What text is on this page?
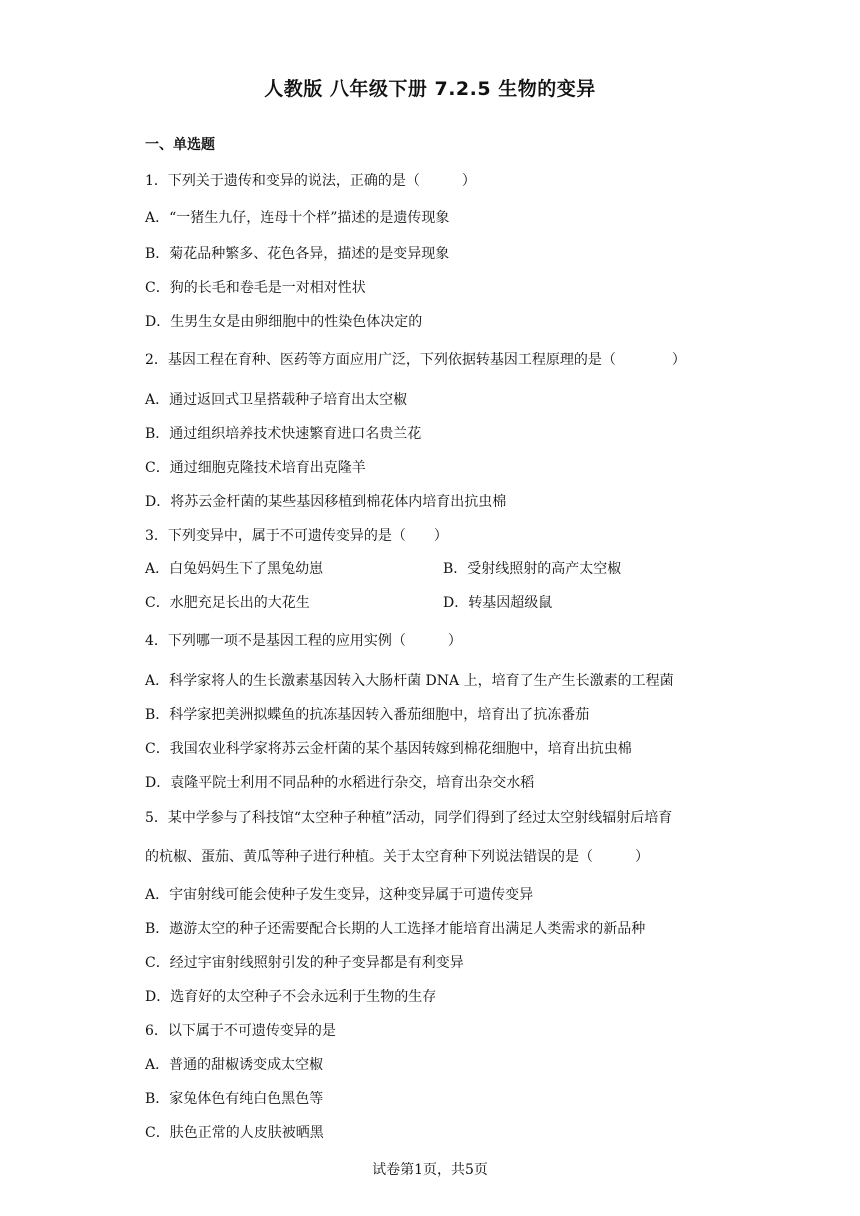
人教版 八年级下册 7.2.5 生物的变异
一、单选题
1．下列关于遗传和变异的说法，正确的是（　　　）
A．“一猪生九仔，连母十个样”描述的是遗传现象
B．菊花品种繁多、花色各异，描述的是变异现象
C．狗的长毛和卷毛是一对相对性状
D．生男生女是由卵细胞中的性染色体决定的
2．基因工程在育种、医药等方面应用广泛，下列依据转基因工程原理的是（　　　　）
A．通过返回式卫星搭载种子培育出太空椒
B．通过组织培养技术快速繁育进口名贵兰花
C．通过细胞克隆技术培育出克隆羊
D．将苏云金杆菌的某些基因移植到棉花体内培育出抗虫棉
3．下列变异中，属于不可遗传变异的是（　　）
A．白兔妈妈生下了黑兔幼崽	B．受射线照射的高产太空椒
C．水肥充足长出的大花生	D．转基因超级鼠
4．下列哪一项不是基因工程的应用实例（　　　）
A．科学家将人的生长激素基因转入大肠杆菌 DNA 上，培育了生产生长激素的工程菌
B．科学家把美洲拟蝶鱼的抗冻基因转入番茄细胞中，培育出了抗冻番茄
C．我国农业科学家将苏云金杆菌的某个基因转嫁到棉花细胞中，培育出抗虫棉
D．袁隆平院士利用不同品种的水稻进行杂交，培育出杂交水稻
5．某中学参与了科技馆“太空种子种植”活动，同学们得到了经过太空射线辐射后培育
的杭椒、蛋茄、黄瓜等种子进行种植。关于太空育种下列说法错误的是（　　　）
A．宇宙射线可能会使种子发生变异，这种变异属于可遗传变异
B．遨游太空的种子还需要配合长期的人工选择才能培育出满足人类需求的新品种
C．经过宇宙射线照射引发的种子变异都是有利变异
D．选育好的太空种子不会永远利于生物的生存
6．以下属于不可遗传变异的是
A．普通的甜椒诱变成太空椒
B．家兔体色有纯白色黑色等
C．肤色正常的人皮肤被晒黑
试卷第1页，共5页
